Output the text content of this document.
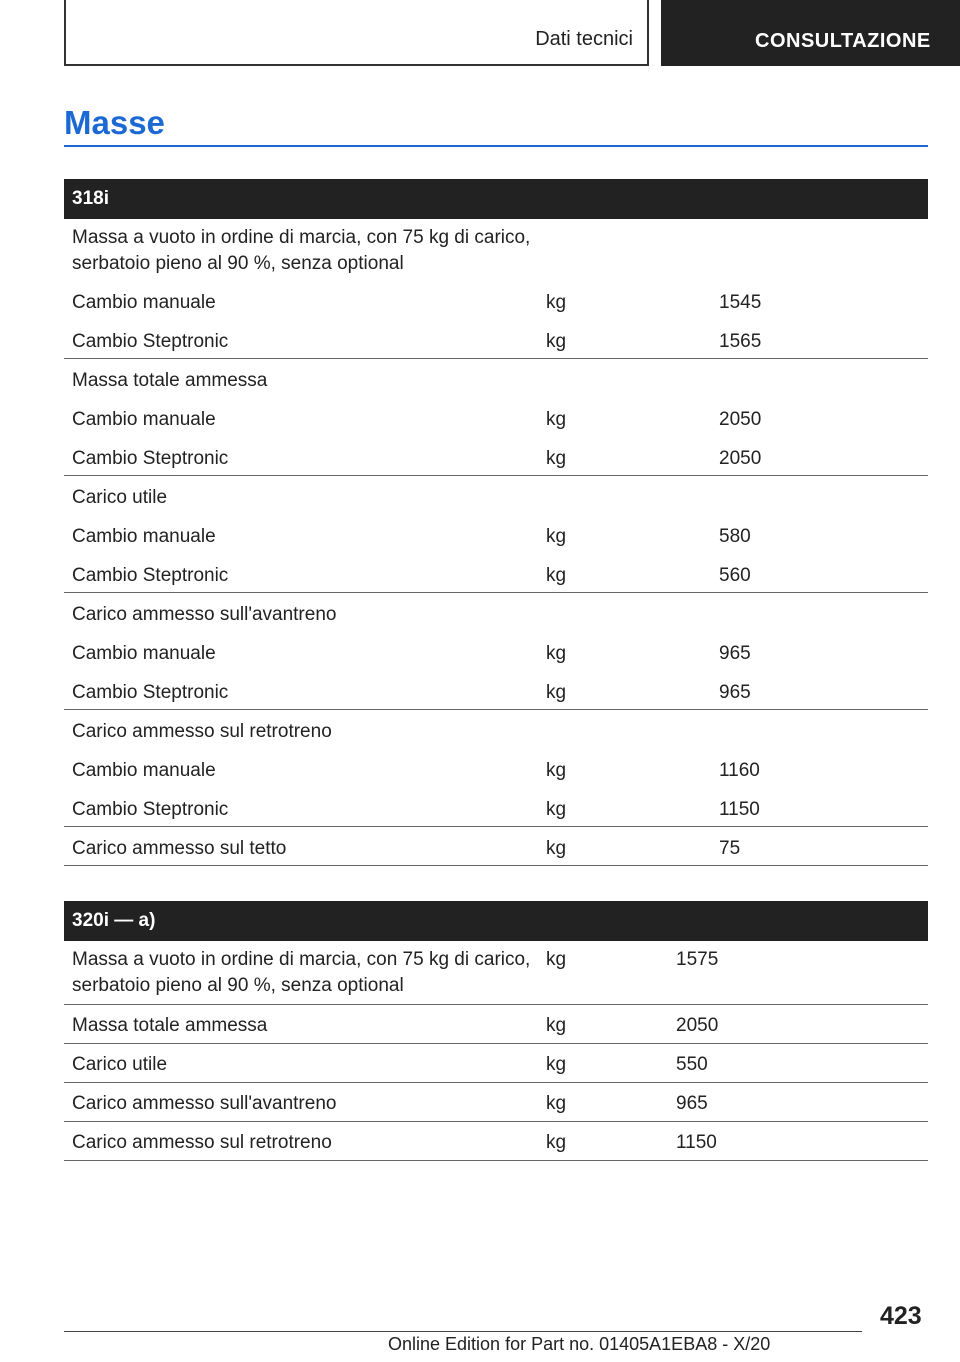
Dati tecnici	CONSULTAZIONE
Masse
318i
Massa a vuoto in ordine di marcia, con 75 kg di carico,
serbatoio pieno al 90 %, senza optional
Cambio manuale	kg	1545
Cambio Steptronic	kg	1565
Massa totale ammessa
Cambio manuale	kg	2050
Cambio Steptronic	kg	2050
Carico utile
Cambio manuale	kg	580
Cambio Steptronic	kg	560
Carico ammesso sull'avantreno
Cambio manuale	kg	965
Cambio Steptronic	kg	965
Carico ammesso sul retrotreno
Cambio manuale	kg	1160
Cambio Steptronic	kg	1150
Carico ammesso sul tetto	kg	75
320i — a)
Massa a vuoto in ordine di marcia, con 75 kg di carico,
serbatoio pieno al 90 %, senza optional
kg	1575
Massa totale ammessa	kg	2050
Carico utile	kg	550
Carico ammesso sull'avantreno	kg	965
Carico ammesso sul retrotreno	kg	1150
423
Online Edition for Part no. 01405A1EBA8 - X/20
